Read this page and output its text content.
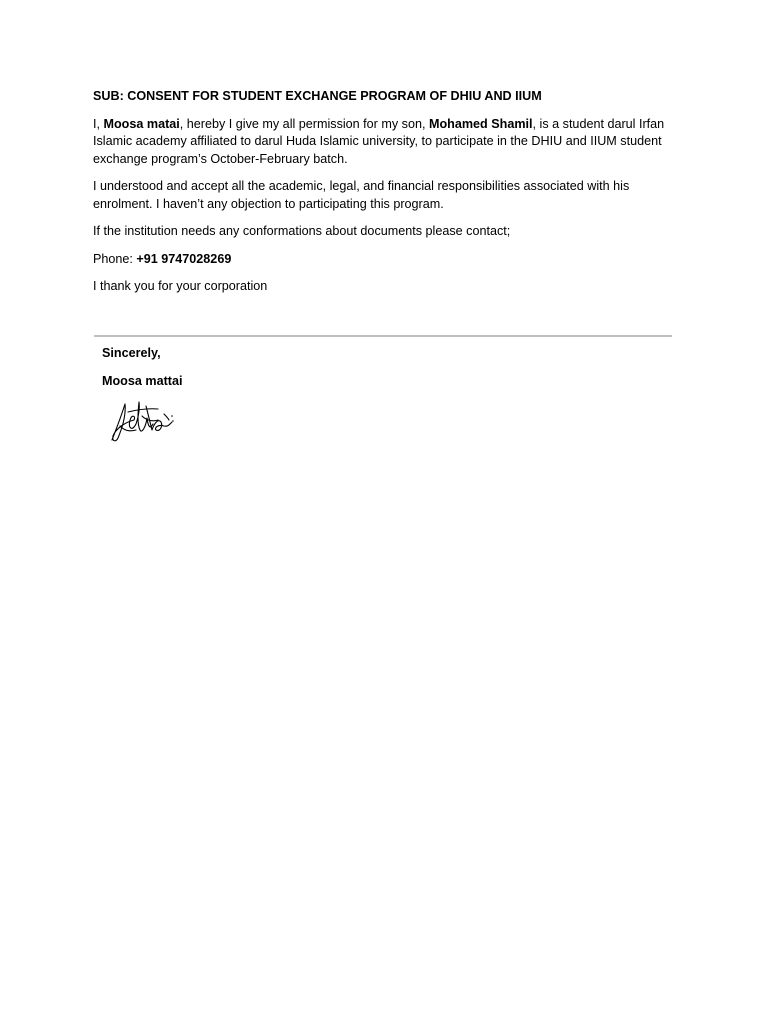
SUB: CONSENT FOR STUDENT EXCHANGE PROGRAM OF DHIU AND IIUM

I, Moosa matai, hereby I give my all permission for my son, Mohamed Shamil, is a student darul Irfan Islamic academy affiliated to darul Huda Islamic university, to participate in the DHIU and IIUM student exchange program’s October-February batch.

I understood and accept all the academic, legal, and financial responsibilities associated with his enrolment. I haven’t any objection to participating this program.

If the institution needs any conformations about documents please contact;

Phone: +91 9747028269

I thank you for your corporation

Sincerely,

Moosa mattai
